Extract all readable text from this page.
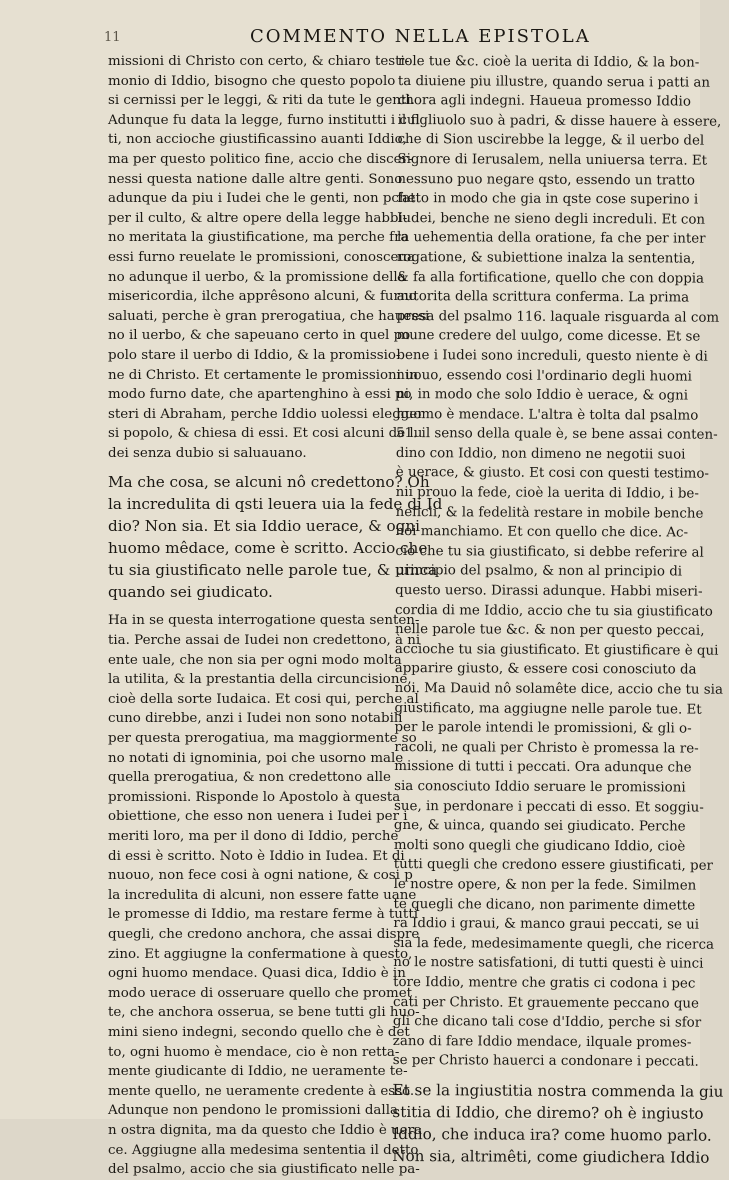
11	COMMENTO NELLA EPISTOLA
missioni di Christo con certo, & chiaro testi-
monio di Iddio, bisogno che questo popolo
si cernissi per le leggi, & riti da tute le genti.
Adunque fu data la legge, furno institutti i cul
ti, non accioche giustificassino auanti Iddio,
ma per questo politico fine, accio che discer-
nessi questa natione dalle altre genti. Sono
adunque da piu i Iudei che le genti, non pche
per il culto, & altre opere della legge habbi-
no meritata la giustificatione, ma perche fra
essi furno reuelate le promissioni, conosceua
no adunque il uerbo, & la promissione della
misericordia, ilche apprêsono alcuni, & furno
saluati, perche è gran prerogatiua, che hauessi
no il uerbo, & che sapeuano certo in quel po
polo stare il uerbo di Iddio, & la promissio-
ne di Christo. Et certamente le promissioni in
modo furno date, che apartenghino à essi po
steri di Abraham, perche Iddio uolessi elegger
si popolo, & chiesa di essi. Et cosi alcuni de lu
dei senza dubio si saluauano.
Ma che cosa, se alcuni nô credettono? Oh
la incredulita di qsti leuera uia la fede di Id
dio? Non sia. Et sia Iddio uerace, & ogni
huomo mêdace, come è scritto. Accio che
tu sia giustificato nelle parole tue, & uinca
quando sei giudicato.
Ha in se questa interrogatione questa senten-
tia. Perche assai de Iudei non credettono, à ni
ente uale, che non sia per ogni modo molta
la utilita, & la prestantia della circuncisione,
cioè della sorte Iudaica. Et cosi qui, perche al
cuno direbbe, anzi i Iudei non sono notabili
per questa prerogatiua, ma maggiormente so
no notati di ignominia, poi che usorno male
quella prerogatiua, & non credettono alle
promissioni. Risponde lo Apostolo à questa
obiettione, che esso non uenera i Iudei per i
meriti loro, ma per il dono di Iddio, perche
di essi è scritto. Noto è Iddio in Iudea. Et di
nuouo, non fece cosi à ogni natione, & cosi p
la incredulita di alcuni, non essere fatte uane
le promesse di Iddio, ma restare ferme à tutti
quegli, che credono anchora, che assai dispre
zino. Et aggiugne la confermatione à questo,
ogni huomo mendace. Quasi dica, Iddio è in
modo uerace di osseruare quello che promet
te, che anchora osserua, se bene tutti gli huo-
mini sieno indegni, secondo quello che è det
to, ogni huomo è mendace, cio è non retta-
mente giudicante di Iddio, ne ueramente te-
mente quello, ne ueramente credente à esso.
Adunque non pendono le promissioni dalla
n ostra dignita, ma da questo che Iddio è uera
ce. Aggiugne alla medesima sententia il detto
del psalmo, accio che sia giustificato nelle pa-
role tue &c. cioè la uerita di Iddio, & la bon-
ta diuiene piu illustre, quando serua i patti an
chora agli indegni. Haueua promesso Iddio
il figliuolo suo à padri, & disse hauere à essere,
che di Sion uscirebbe la legge, & il uerbo del
Signore di Ierusalem, nella uniuersa terra. Et
nessuno puo negare qsto, essendo un tratto
fatto in modo che gia in qste cose superino i
Iudei, benche ne sieno degli increduli. Et con
la uehementia della oratione, fa che per inter
rogatione, & subiettione inalza la sententia,
& fa alla fortificatione, quello che con doppia
autorita della scrittura conferma. La prima
presa del psalmo 116. laquale risguarda al com
mune credere del uulgo, come dicesse. Et se
bene i Iudei sono increduli, questo niente è di
nuouo, essendo cosi l'ordinario degli huomi
ni, in modo che solo Iddio è uerace, & ogni
huomo è mendace. L'altra è tolta dal psalmo
51. il senso della quale è, se bene assai conten-
dino con Iddio, non dimeno ne negotii suoi
è uerace, & giusto. Et cosi con questi testimo-
nii prouo la fede, cioè la uerita di Iddio, i be-
neficii, & la fedelità restare in mobile benche
noi manchiamo. Et con quello che dice. Ac-
cio che tu sia giustificato, si debbe referire al
principio del psalmo, & non al principio di
questo uerso. Dirassi adunque. Habbi miseri-
cordia di me Iddio, accio che tu sia giustificato
nelle parole tue &c. & non per questo peccai,
accioche tu sia giustificato. Et giustificare è qui
apparire giusto, & essere cosi conosciuto da
noi. Ma Dauid nô solamête dice, accio che tu sia
giustificato, ma aggiugne nelle parole tue. Et
per le parole intendi le promissioni, & gli o-
racoli, ne quali per Christo è promessa la re-
missione di tutti i peccati. Ora adunque che
sia conosciuto Iddio seruare le promissioni
sue, in perdonare i peccati di esso. Et soggiu-
gne, & uinca, quando sei giudicato. Perche
molti sono quegli che giudicano Iddio, cioè
tutti quegli che credono essere giustificati, per
le nostre opere, & non per la fede. Similmen
te quegli che dicano, non parimente dimette
ra Iddio i graui, & manco graui peccati, se ui
sia la fede, medesimamente quegli, che ricerca
no le nostre satisfationi, di tutti questi è uinci
tore Iddio, mentre che gratis ci codona i pec
cati per Christo. Et grauemente peccano que
gli che dicano tali cose d'Iddio, perche si sfor
zano di fare Iddio mendace, ilquale promes-
se per Christo hauerci a condonare i peccati.
Et se la ingiustitia nostra commenda la giu
stitia di Iddio, che diremo? oh è ingiusto
Iddio, che induca ira? come huomo parlo.
Non sia, altrimêti, come giudichera Iddio
